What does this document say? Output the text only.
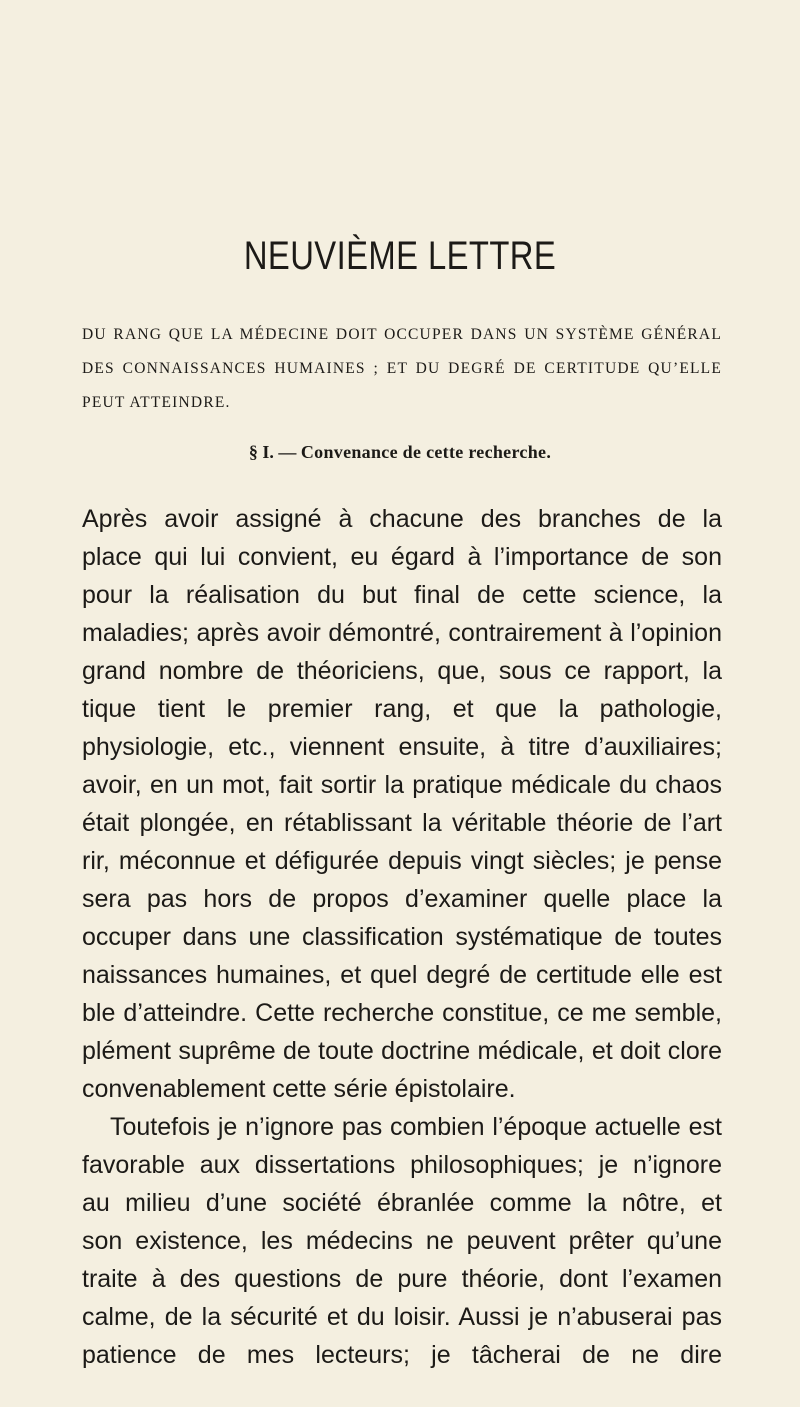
NEUVIÈME LETTRE

DU RANG QUE LA MÉDECINE DOIT OCCUPER DANS UN SYSTÈME GÉNÉRAL DES CONNAISSANCES HUMAINES ; ET DU DEGRÉ DE CERTITUDE QU’ELLE PEUT ATTEINDRE.

§ I. — Convenance de cette recherche.
Après avoir assigné à chacune des branches de la
place qui lui convient, eu égard à l’importance de son
pour la réalisation du but final de cette science, la
maladies; après avoir démontré, contrairement à l’opinion
grand nombre de théoriciens, que, sous ce rapport, la
tique tient le premier rang, et que la pathologie,
physiologie, etc., viennent ensuite, à titre d’auxiliaires;
avoir, en un mot, fait sortir la pratique médicale du chaos
était plongée, en rétablissant la véritable théorie de l’art
rir, méconnue et défigurée depuis vingt siècles; je pense
sera pas hors de propos d’examiner quelle place la
occuper dans une classification systématique de toutes
naissances humaines, et quel degré de certitude elle est
ble d’atteindre. Cette recherche constitue, ce me semble,
plément suprême de toute doctrine médicale, et doit clore
convenablement cette série épistolaire.
Toutefois je n’ignore pas combien l’époque actuelle est
favorable aux dissertations philosophiques; je n’ignore
au milieu d’une société ébranlée comme la nôtre, et
son existence, les médecins ne peuvent prêter qu’une
traite à des questions de pure théorie, dont l’examen
calme, de la sécurité et du loisir. Aussi je n’abuserai pas
patience de mes lecteurs; je tâcherai de ne dire
